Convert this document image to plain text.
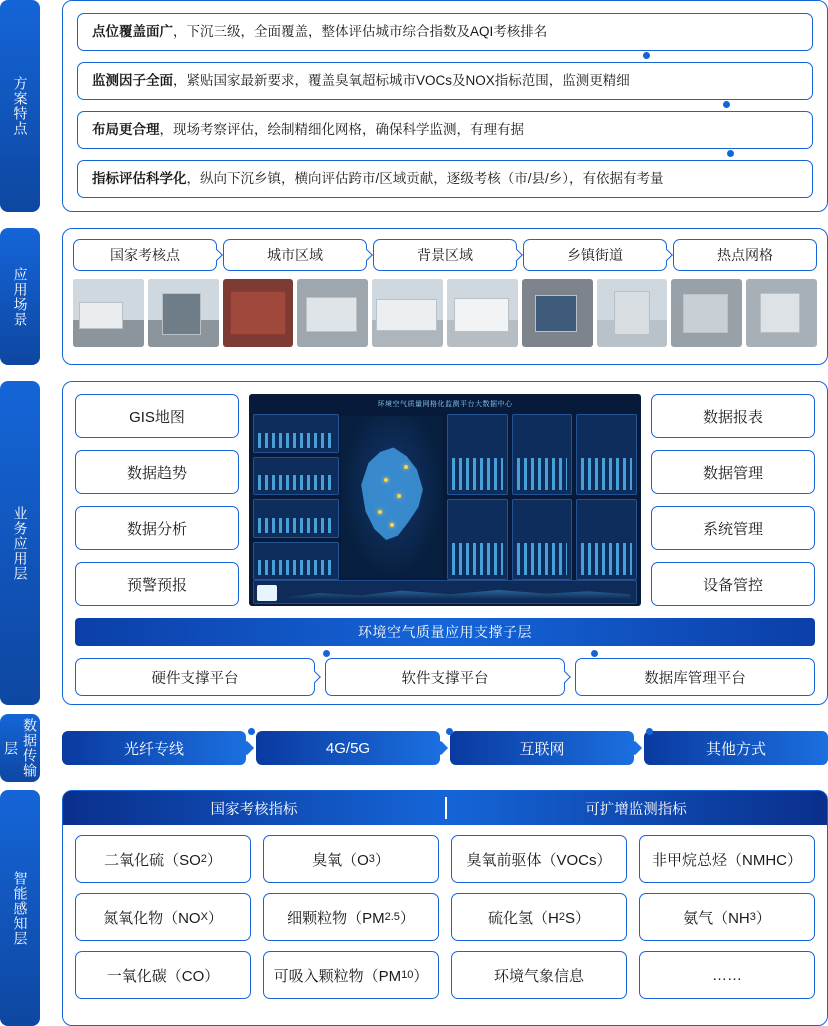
方案特点
点位覆盖面广，下沉三级，全面覆盖，整体评估城市综合指数及AQI考核排名
监测因子全面，紧贴国家最新要求，覆盖臭氧超标城市VOCs及NOX指标范围，监测更精细
布局更合理，现场考察评估，绘制精细化网格，确保科学监测，有理有据
指标评估科学化，纵向下沉乡镇，横向评估跨市/区域贡献，逐级考核（市/县/乡），有依据有考量
应用场景
国家考核点	城市区域	背景区域	乡镇街道	热点网格
业务应用层
GIS地图
数据趋势
数据分析
预警预报
环境空气质量网格化监测平台大数据中心
数据报表
数据管理
系统管理
设备管控
环境空气质量应用支撑子层
硬件支撑平台	软件支撑平台	数据库管理平台
数据传输层	光纤专线	4G/5G	互联网	其他方式
智能感知层
国家考核指标	可扩增监测指标
二氧化硫（SO 2 ）	臭氧（O 3 ）	臭氧前驱体（VOCs）	非甲烷总烃（NMHC）
氮氧化物（NO X ）	细颗粒物（PM 2.5 ）	硫化氢（H 2 S）	氨气（NH 3 ）
一氧化碳（CO）	可吸入颗粒物（PM 10 ）	环境气象信息	……
